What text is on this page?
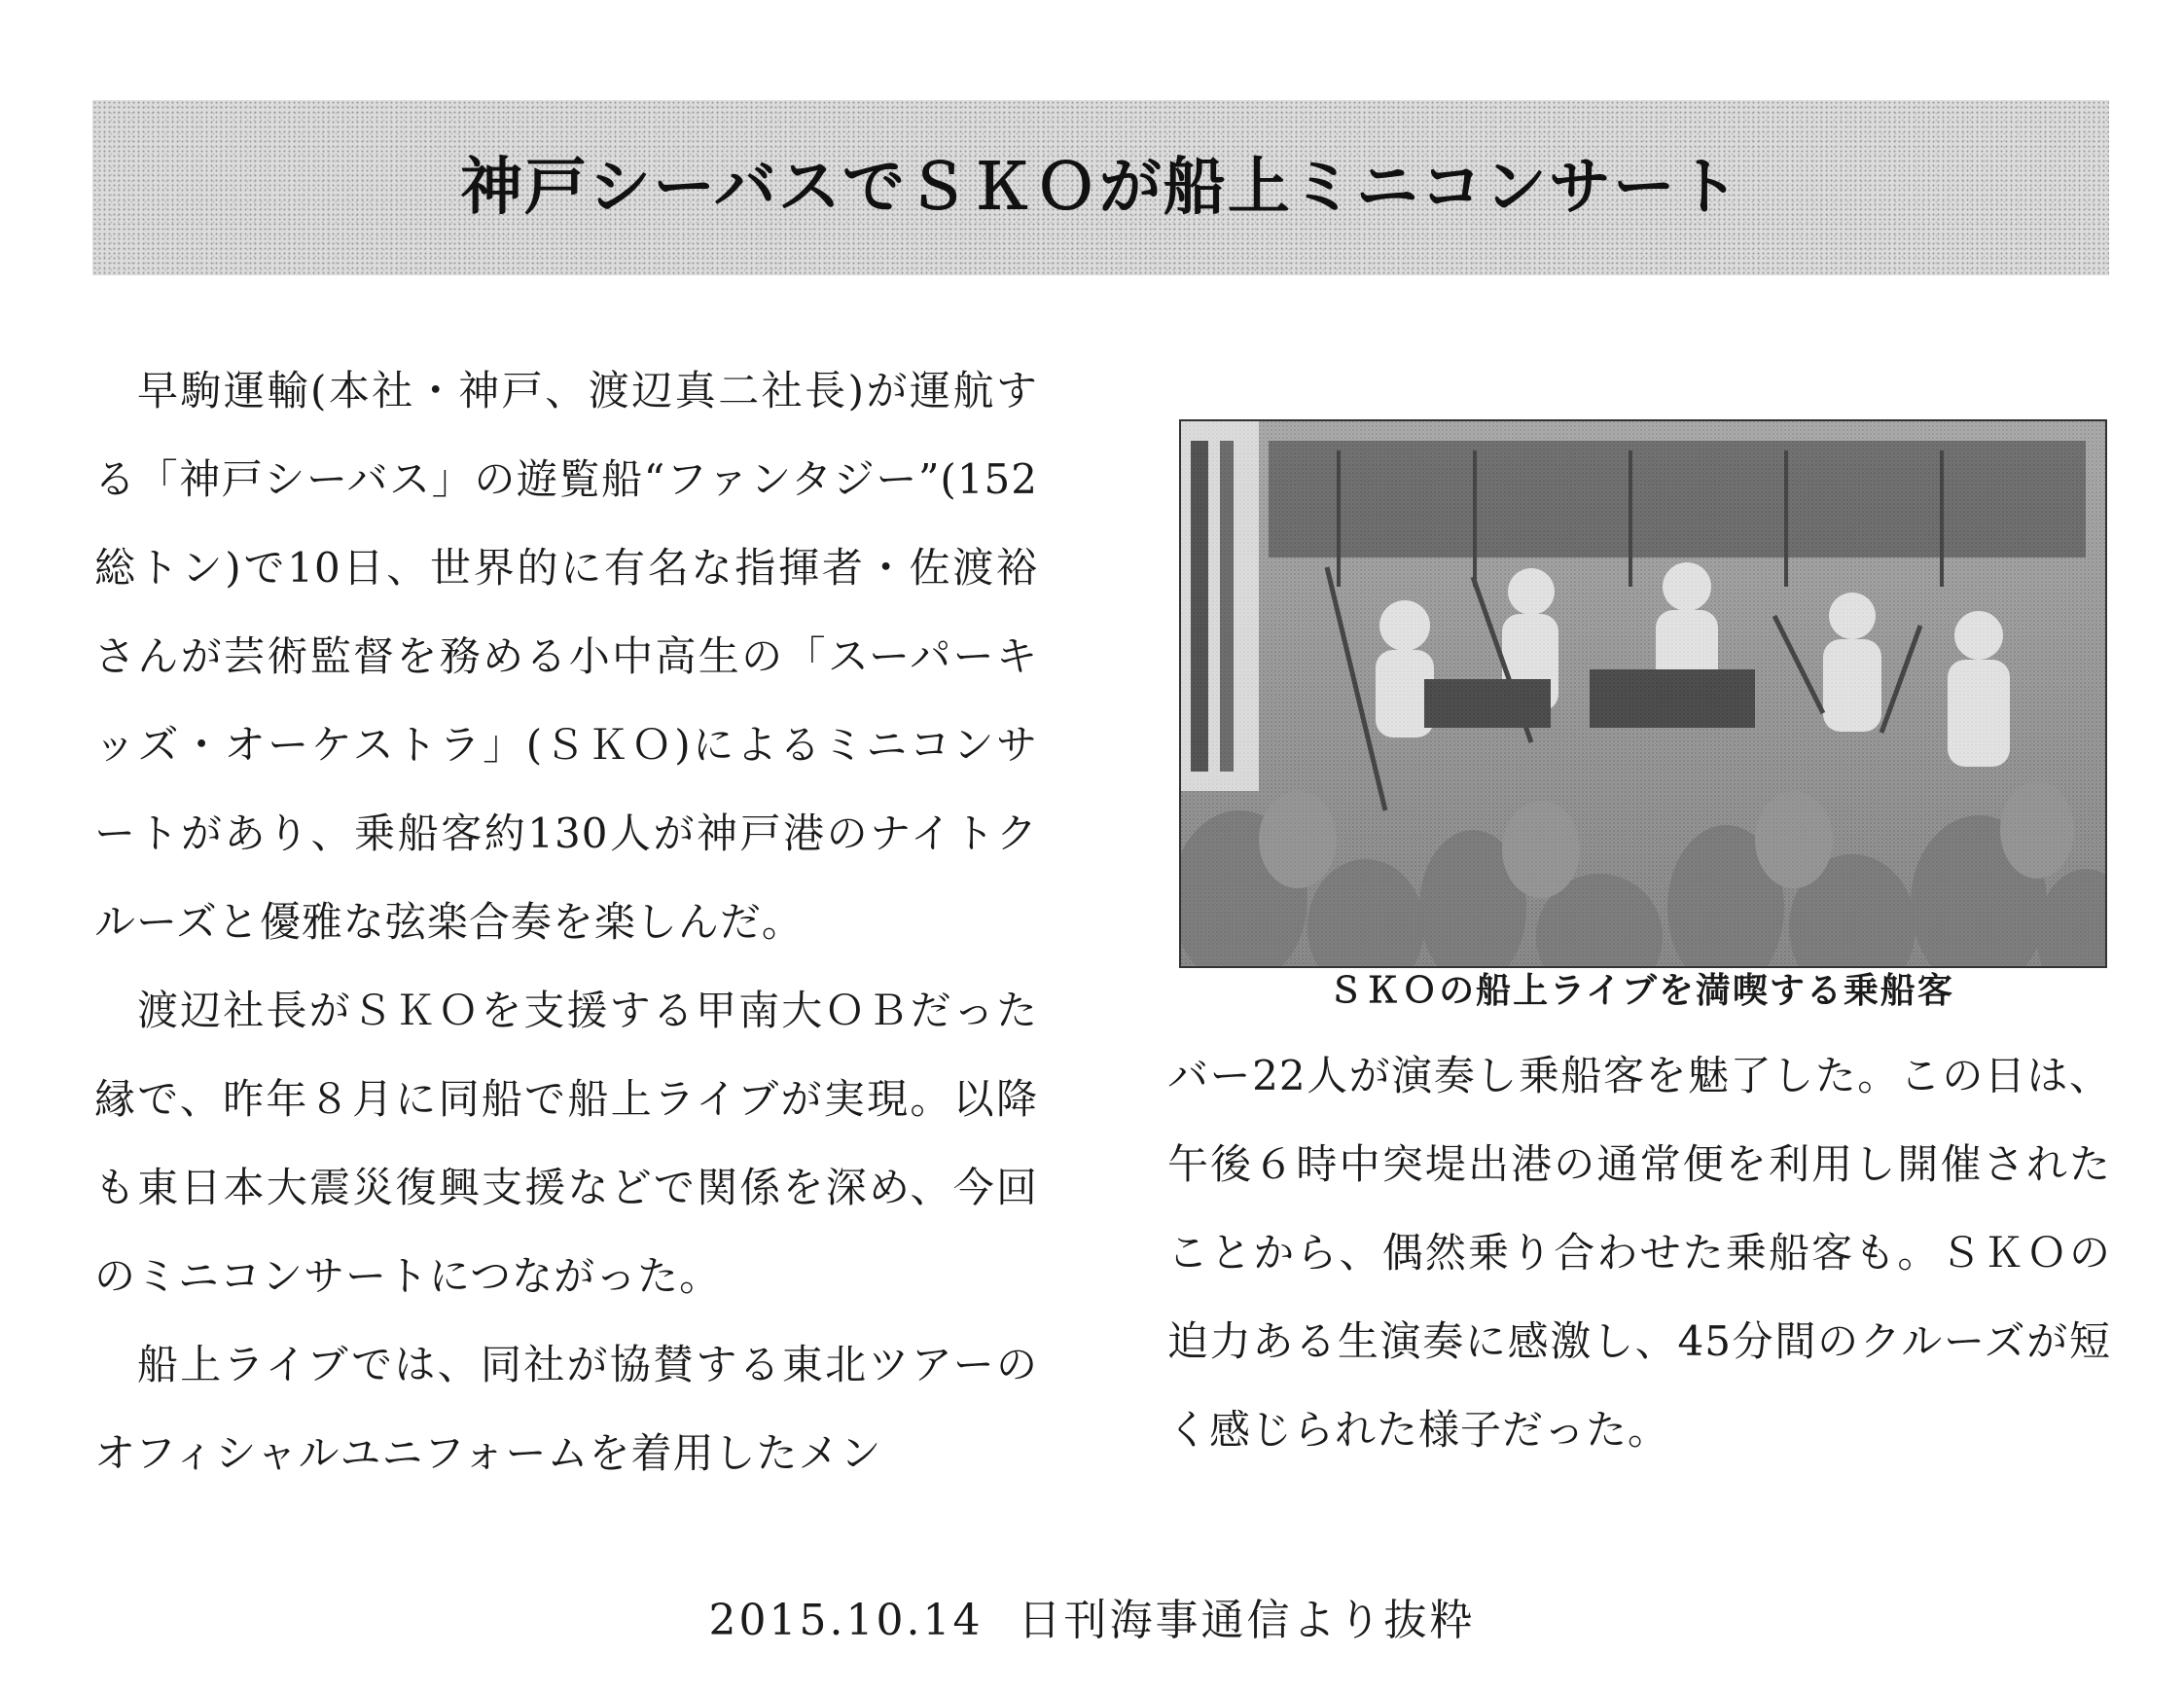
神戸シーバスでＳＫＯが船上ミニコンサート

早駒運輸(本社・神戸、渡辺真二社長)が運航する「神戸シーバス」の遊覧船“ファンタジー”(152総トン)で10日、世界的に有名な指揮者・佐渡裕さんが芸術監督を務める小中高生の「スーパーキッズ・オーケストラ」(ＳＫＯ)によるミニコンサートがあり、乗船客約130人が神戸港のナイトクルーズと優雅な弦楽合奏を楽しんだ。

渡辺社長がＳＫＯを支援する甲南大ＯＢだった縁で、昨年８月に同船で船上ライブが実現。以降も東日本大震災復興支援などで関係を深め、今回のミニコンサートにつながった。

船上ライブでは、同社が協賛する東北ツアーのオフィシャルユニフォームを着用したメン

ＳＫＯの船上ライブを満喫する乗船客

バー22人が演奏し乗船客を魅了した。この日は、午後６時中突堤出港の通常便を利用し開催されたことから、偶然乗り合わせた乗船客も。ＳＫＯの迫力ある生演奏に感激し、45分間のクルーズが短く感じられた様子だった。

2015.10.14 日刊海事通信より抜粋
